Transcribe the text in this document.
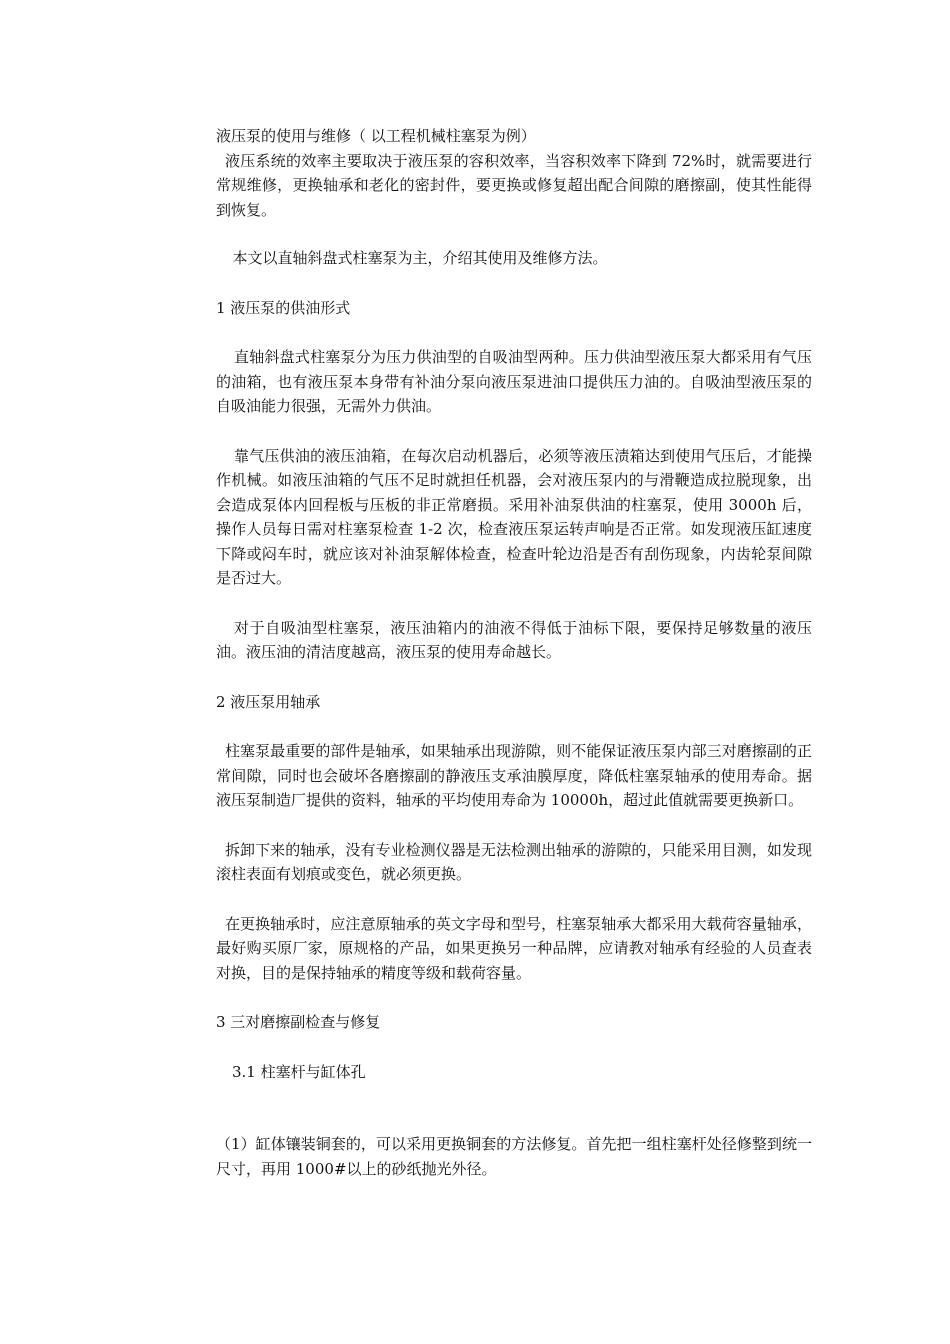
液压泵的使用与维修（ 以工程机械柱塞泵为例）

液压系统的效率主要取决于液压泵的容积效率，当容积效率下降到 72%时，就需要进行常规维修，更换轴承和老化的密封件，要更换或修复超出配合间隙的磨擦副，使其性能得到恢复。

本文以直轴斜盘式柱塞泵为主，介绍其使用及维修方法。

1 液压泵的供油形式

直轴斜盘式柱塞泵分为压力供油型的自吸油型两种。压力供油型液压泵大都采用有气压的油箱，也有液压泵本身带有补油分泵向液压泵进油口提供压力油的。自吸油型液压泵的自吸油能力很强，无需外力供油。

靠气压供油的液压油箱，在每次启动机器后，必须等液压渍箱达到使用气压后，才能操作机械。如液压油箱的气压不足时就担任机器，会对液压泵内的与滑鞭造成拉脱现象，出会造成泵体内回程板与压板的非正常磨损。采用补油泵供油的柱塞泵，使用 3000h 后，操作人员每日需对柱塞泵检查 1-2 次，检查液压泵运转声响是否正常。如发现液压缸速度下降或闷车时，就应该对补油泵解体检查，检查叶轮边沿是否有刮伤现象，内齿轮泵间隙是否过大。

对于自吸油型柱塞泵，液压油箱内的油液不得低于油标下限，要保持足够数量的液压油。液压油的清洁度越高，液压泵的使用寿命越长。

2 液压泵用轴承

柱塞泵最重要的部件是轴承，如果轴承出现游隙，则不能保证液压泵内部三对磨擦副的正常间隙，同时也会破坏各磨擦副的静液压支承油膜厚度，降低柱塞泵轴承的使用寿命。据液压泵制造厂提供的资料，轴承的平均使用寿命为 10000h，超过此值就需要更换新口。

拆卸下来的轴承，没有专业检测仪器是无法检测出轴承的游隙的，只能采用目测，如发现滚柱表面有划痕或变色，就必须更换。

在更换轴承时，应注意原轴承的英文字母和型号，柱塞泵轴承大都采用大载荷容量轴承，最好购买原厂家，原规格的产品，如果更换另一种品牌，应请教对轴承有经验的人员查表对换，目的是保持轴承的精度等级和载荷容量。

3 三对磨擦副检查与修复

3.1 柱塞杆与缸体孔

（1）缸体镶装铜套的，可以采用更换铜套的方法修复。首先把一组柱塞杆处径修整到统一尺寸，再用 1000#以上的砂纸抛光外径。
